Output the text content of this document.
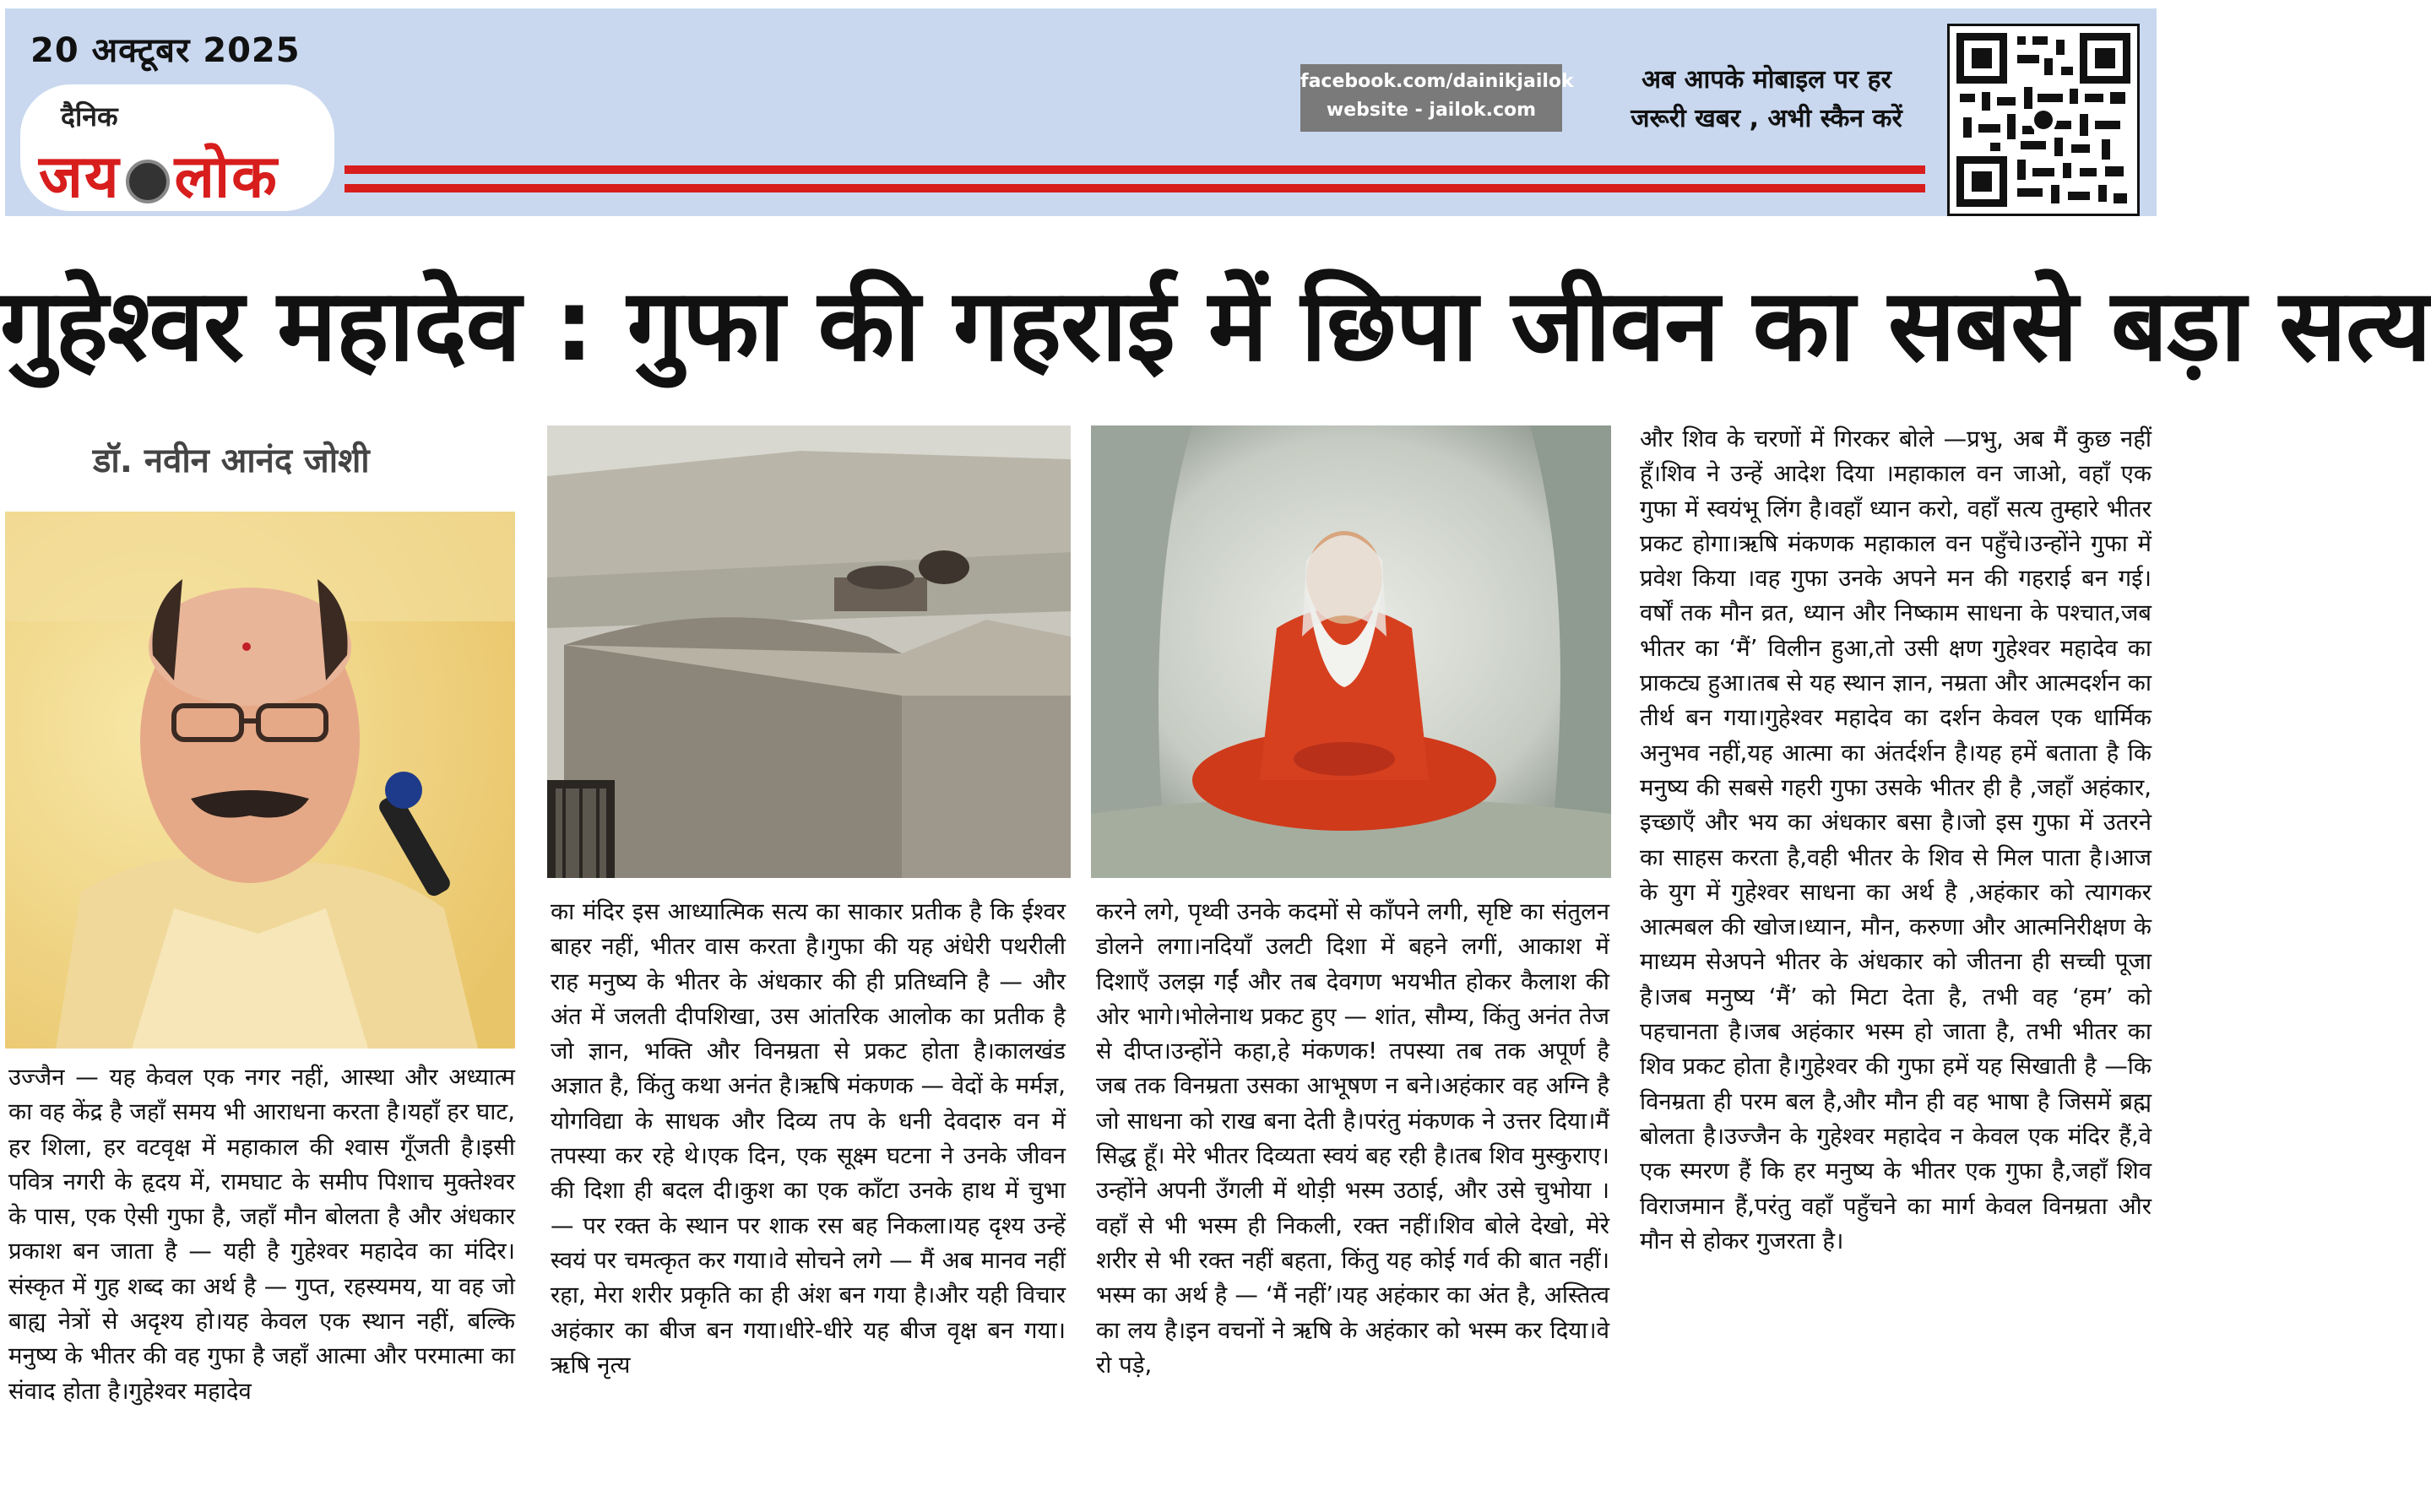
20 अक्टूबर 2025
दैनिक
जय लोक
facebook.com/dainikjailok
website - jailok.com
अब आपके मोबाइल पर हर
जरूरी खबर , अभी स्कैन करें
गुहेश्वर महादेव : गुफा की गहराई में छिपा जीवन का सबसे बड़ा सत्य
डॉ. नवीन आनंद जोशी

उज्जैन — यह केवल एक नगर नहीं, आस्था और अध्यात्म का वह केंद्र है जहाँ समय भी आराधना करता है।यहाँ हर घाट, हर शिला, हर वटवृक्ष में महाकाल की श्वास गूँजती है।इसी पवित्र नगरी के हृदय में, रामघाट के समीप पिशाच मुक्तेश्वर के पास, एक ऐसी गुफा है, जहाँ मौन बोलता है और अंधकार प्रकाश बन जाता है — यही है गुहेश्वर महादेव का मंदिर।संस्कृत में गुह शब्द का अर्थ है — गुप्त, रहस्यमय, या वह जो बाह्य नेत्रों से अदृश्य हो।यह केवल एक स्थान नहीं, बल्कि मनुष्य के भीतर की वह गुफा है जहाँ आत्मा और परमात्मा का संवाद होता है।गुहेश्वर महादेव

का मंदिर इस आध्यात्मिक सत्य का साकार प्रतीक है कि ईश्वर बाहर नहीं, भीतर वास करता है।गुफा की यह अंधेरी पथरीली राह मनुष्य के भीतर के अंधकार की ही प्रतिध्वनि है — और अंत में जलती दीपशिखा, उस आंतरिक आलोक का प्रतीक है जो ज्ञान, भक्ति और विनम्रता से प्रकट होता है।कालखंड अज्ञात है, किंतु कथा अनंत है।ऋषि मंकणक — वेदों के मर्मज्ञ, योगविद्या के साधक और दिव्य तप के धनी देवदारु वन में तपस्या कर रहे थे।एक दिन, एक सूक्ष्म घटना ने उनके जीवन की दिशा ही बदल दी।कुश का एक काँटा उनके हाथ में चुभा — पर रक्त के स्थान पर शाक रस बह निकला।यह दृश्य उन्हें स्वयं पर चमत्कृत कर गया।वे सोचने लगे — मैं अब मानव नहीं रहा, मेरा शरीर प्रकृति का ही अंश बन गया है।और यही विचार अहंकार का बीज बन गया।धीरे-धीरे यह बीज वृक्ष बन गया।ऋषि नृत्य

करने लगे, पृथ्वी उनके कदमों से काँपने लगी, सृष्टि का संतुलन डोलने लगा।नदियाँ उलटी दिशा में बहने लगीं, आकाश में दिशाएँ उलझ गईं और तब देवगण भयभीत होकर कैलाश की ओर भागे।भोलेनाथ प्रकट हुए — शांत, सौम्य, किंतु अनंत तेज से दीप्त।उन्होंने कहा,हे मंकणक! तपस्या तब तक अपूर्ण है जब तक विनम्रता उसका आभूषण न बने।अहंकार वह अग्नि है जो साधना को राख बना देती है।परंतु मंकणक ने उत्तर दिया।मैं सिद्ध हूँ। मेरे भीतर दिव्यता स्वयं बह रही है।तब शिव मुस्कुराए।उन्होंने अपनी उँगली में थोड़ी भस्म उठाई, और उसे चुभोया ।वहाँ से भी भस्म ही निकली, रक्त नहीं।शिव बोले देखो, मेरे शरीर से भी रक्त नहीं बहता, किंतु यह कोई गर्व की बात नहीं।भस्म का अर्थ है — ‘मैं नहीं’।यह अहंकार का अंत है, अस्तित्व का लय है।इन वचनों ने ऋषि के अहंकार को भस्म कर दिया।वे रो पड़े,

और शिव के चरणों में गिरकर बोले —प्रभु, अब मैं कुछ नहीं हूँ।शिव ने उन्हें आदेश दिया ।महाकाल वन जाओ, वहाँ एक गुफा में स्वयंभू लिंग है।वहाँ ध्यान करो, वहाँ सत्य तुम्हारे भीतर प्रकट होगा।ऋषि मंकणक महाकाल वन पहुँचे।उन्होंने गुफा में प्रवेश किया ।वह गुफा उनके अपने मन की गहराई बन गई।वर्षों तक मौन व्रत, ध्यान और निष्काम साधना के पश्चात,जब भीतर का ‘मैं’ विलीन हुआ,तो उसी क्षण गुहेश्वर महादेव का प्राकट्य हुआ।तब से यह स्थान ज्ञान, नम्रता और आत्मदर्शन का तीर्थ बन गया।गुहेश्वर महादेव का दर्शन केवल एक धार्मिक अनुभव नहीं,यह आत्मा का अंतर्दर्शन है।यह हमें बताता है कि मनुष्य की सबसे गहरी गुफा उसके भीतर ही है ,जहाँ अहंकार, इच्छाएँ और भय का अंधकार बसा है।जो इस गुफा में उतरने का साहस करता है,वही भीतर के शिव से मिल पाता है।आज के युग में गुहेश्वर साधना का अर्थ है ,अहंकार को त्यागकर आत्मबल की खोज।ध्यान, मौन, करुणा और आत्मनिरीक्षण के माध्यम सेअपने भीतर के अंधकार को जीतना ही सच्ची पूजा है।जब मनुष्य ‘मैं’ को मिटा देता है, तभी वह ‘हम’ को पहचानता है।जब अहंकार भस्म हो जाता है, तभी भीतर का शिव प्रकट होता है।गुहेश्वर की गुफा हमें यह सिखाती है —कि विनम्रता ही परम बल है,और मौन ही वह भाषा है जिसमें ब्रह्म बोलता है।उज्जैन के गुहेश्वर महादेव न केवल एक मंदिर हैं,वे एक स्मरण हैं कि हर मनुष्य के भीतर एक गुफा है,जहाँ शिव विराजमान हैं,परंतु वहाँ पहुँचने का मार्ग केवल विनम्रता और मौन से होकर गुजरता है।
